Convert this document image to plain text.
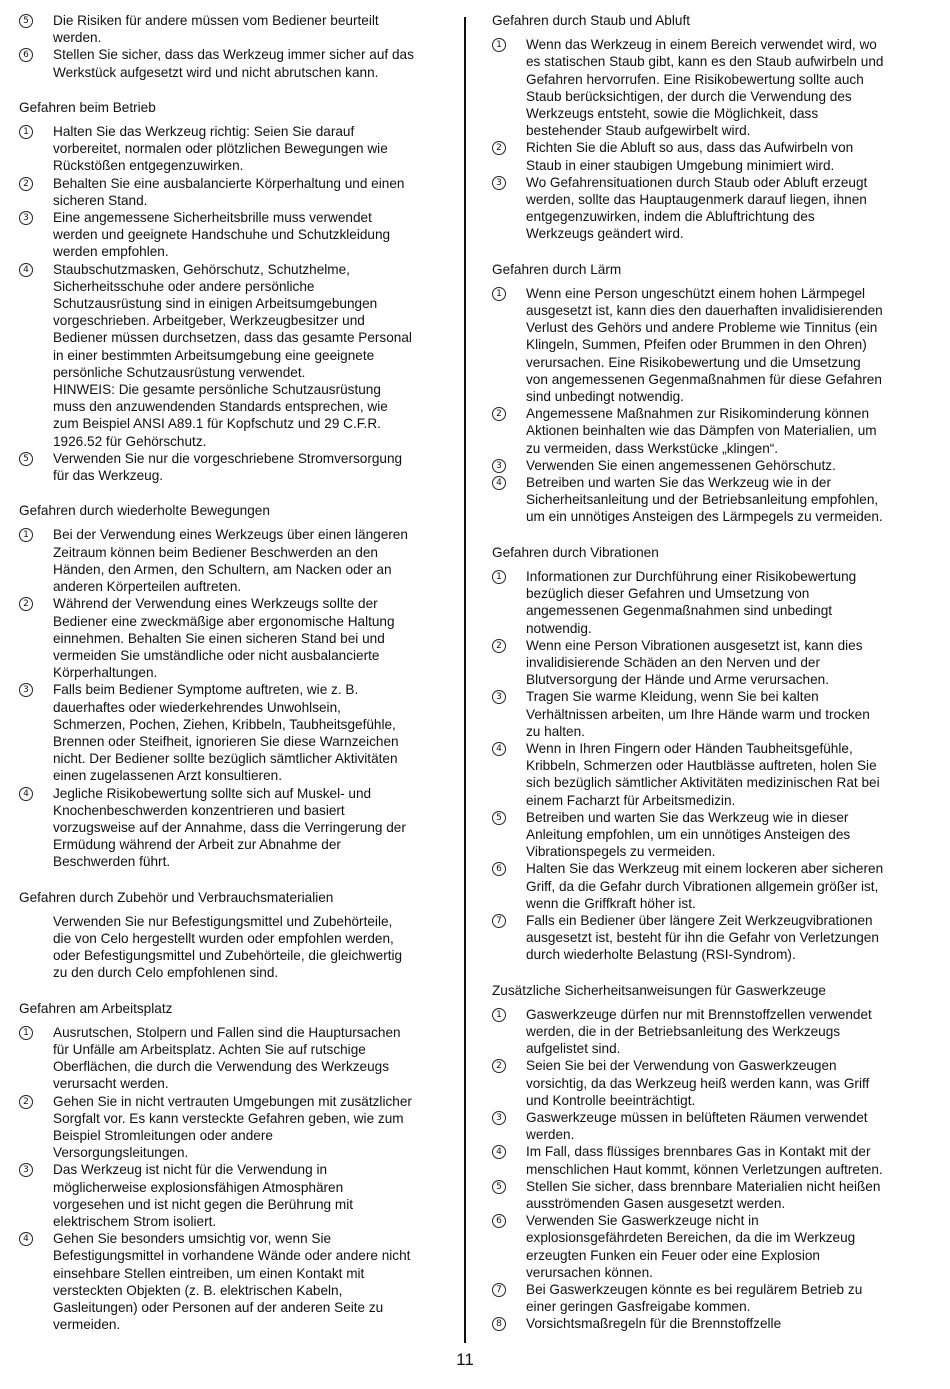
5	Die Risiken für andere müssen vom Bediener beurteilt
werden.
6	Stellen Sie sicher, dass das Werkzeug immer sicher auf das
Werkstück aufgesetzt wird und nicht abrutschen kann.
Gefahren beim Betrieb
1	Halten Sie das Werkzeug richtig: Seien Sie darauf
vorbereitet, normalen oder plötzlichen Bewegungen wie
Rückstößen entgegenzuwirken.
2	Behalten Sie eine ausbalancierte Körperhaltung und einen
sicheren Stand.
3	Eine angemessene Sicherheitsbrille muss verwendet
werden und geeignete Handschuhe und Schutzkleidung
werden empfohlen.
4	Staubschutzmasken, Gehörschutz, Schutzhelme,
Sicherheitsschuhe oder andere persönliche
Schutzausrüstung sind in einigen Arbeitsumgebungen
vorgeschrieben. Arbeitgeber, Werkzeugbesitzer und
Bediener müssen durchsetzen, dass das gesamte Personal
in einer bestimmten Arbeitsumgebung eine geeignete
persönliche Schutzausrüstung verwendet.
HINWEIS: Die gesamte persönliche Schutzausrüstung
muss den anzuwendenden Standards entsprechen, wie
zum Beispiel ANSI A89.1 für Kopfschutz und 29 C.F.R.
1926.52 für Gehörschutz.
5	Verwenden Sie nur die vorgeschriebene Stromversorgung
für das Werkzeug.
Gefahren durch wiederholte Bewegungen
1	Bei der Verwendung eines Werkzeugs über einen längeren
Zeitraum können beim Bediener Beschwerden an den
Händen, den Armen, den Schultern, am Nacken oder an
anderen Körperteilen auftreten.
2	Während der Verwendung eines Werkzeugs sollte der
Bediener eine zweckmäßige aber ergonomische Haltung
einnehmen. Behalten Sie einen sicheren Stand bei und
vermeiden Sie umständliche oder nicht ausbalancierte
Körperhaltungen.
3	Falls beim Bediener Symptome auftreten, wie z. B.
dauerhaftes oder wiederkehrendes Unwohlsein,
Schmerzen, Pochen, Ziehen, Kribbeln, Taubheitsgefühle,
Brennen oder Steifheit, ignorieren Sie diese Warnzeichen
nicht. Der Bediener sollte bezüglich sämtlicher Aktivitäten
einen zugelassenen Arzt konsultieren.
4	Jegliche Risikobewertung sollte sich auf Muskel- und
Knochenbeschwerden konzentrieren und basiert
vorzugsweise auf der Annahme, dass die Verringerung der
Ermüdung während der Arbeit zur Abnahme der
Beschwerden führt.
Gefahren durch Zubehör und Verbrauchsmaterialien
Verwenden Sie nur Befestigungsmittel und Zubehörteile,
die von Celo hergestellt wurden oder empfohlen werden,
oder Befestigungsmittel und Zubehörteile, die gleichwertig
zu den durch Celo empfohlenen sind.
Gefahren am Arbeitsplatz
1	Ausrutschen, Stolpern und Fallen sind die Hauptursachen
für Unfälle am Arbeitsplatz. Achten Sie auf rutschige
Oberflächen, die durch die Verwendung des Werkzeugs
verursacht werden.
2	Gehen Sie in nicht vertrauten Umgebungen mit zusätzlicher
Sorgfalt vor. Es kann versteckte Gefahren geben, wie zum
Beispiel Stromleitungen oder andere
Versorgungsleitungen.
3	Das Werkzeug ist nicht für die Verwendung in
möglicherweise explosionsfähigen Atmosphären
vorgesehen und ist nicht gegen die Berührung mit
elektrischem Strom isoliert.
4	Gehen Sie besonders umsichtig vor, wenn Sie
Befestigungsmittel in vorhandene Wände oder andere nicht
einsehbare Stellen eintreiben, um einen Kontakt mit
versteckten Objekten (z. B. elektrischen Kabeln,
Gasleitungen) oder Personen auf der anderen Seite zu
vermeiden.
Gefahren durch Staub und Abluft
1	Wenn das Werkzeug in einem Bereich verwendet wird, wo
es statischen Staub gibt, kann es den Staub aufwirbeln und
Gefahren hervorrufen. Eine Risikobewertung sollte auch
Staub berücksichtigen, der durch die Verwendung des
Werkzeugs entsteht, sowie die Möglichkeit, dass
bestehender Staub aufgewirbelt wird.
2	Richten Sie die Abluft so aus, dass das Aufwirbeln von
Staub in einer staubigen Umgebung minimiert wird.
3	Wo Gefahrensituationen durch Staub oder Abluft erzeugt
werden, sollte das Hauptaugenmerk darauf liegen, ihnen
entgegenzuwirken, indem die Abluftrichtung des
Werkzeugs geändert wird.
Gefahren durch Lärm
1	Wenn eine Person ungeschützt einem hohen Lärmpegel
ausgesetzt ist, kann dies den dauerhaften invalidisierenden
Verlust des Gehörs und andere Probleme wie Tinnitus (ein
Klingeln, Summen, Pfeifen oder Brummen in den Ohren)
verursachen. Eine Risikobewertung und die Umsetzung
von angemessenen Gegenmaßnahmen für diese Gefahren
sind unbedingt notwendig.
2	Angemessene Maßnahmen zur Risikominderung können
Aktionen beinhalten wie das Dämpfen von Materialien, um
zu vermeiden, dass Werkstücke „klingen“.
3	Verwenden Sie einen angemessenen Gehörschutz.
4	Betreiben und warten Sie das Werkzeug wie in der
Sicherheitsanleitung und der Betriebsanleitung empfohlen,
um ein unnötiges Ansteigen des Lärmpegels zu vermeiden.
Gefahren durch Vibrationen
1	Informationen zur Durchführung einer Risikobewertung
bezüglich dieser Gefahren und Umsetzung von
angemessenen Gegenmaßnahmen sind unbedingt
notwendig.
2	Wenn eine Person Vibrationen ausgesetzt ist, kann dies
invalidisierende Schäden an den Nerven und der
Blutversorgung der Hände und Arme verursachen.
3	Tragen Sie warme Kleidung, wenn Sie bei kalten
Verhältnissen arbeiten, um Ihre Hände warm und trocken
zu halten.
4	Wenn in Ihren Fingern oder Händen Taubheitsgefühle,
Kribbeln, Schmerzen oder Hautblässe auftreten, holen Sie
sich bezüglich sämtlicher Aktivitäten medizinischen Rat bei
einem Facharzt für Arbeitsmedizin.
5	Betreiben und warten Sie das Werkzeug wie in dieser
Anleitung empfohlen, um ein unnötiges Ansteigen des
Vibrationspegels zu vermeiden.
6	Halten Sie das Werkzeug mit einem lockeren aber sicheren
Griff, da die Gefahr durch Vibrationen allgemein größer ist,
wenn die Griffkraft höher ist.
7	Falls ein Bediener über längere Zeit Werkzeugvibrationen
ausgesetzt ist, besteht für ihn die Gefahr von Verletzungen
durch wiederholte Belastung (RSI-Syndrom).
Zusätzliche Sicherheitsanweisungen für Gaswerkzeuge
1	Gaswerkzeuge dürfen nur mit Brennstoffzellen verwendet
werden, die in der Betriebsanleitung des Werkzeugs
aufgelistet sind.
2	Seien Sie bei der Verwendung von Gaswerkzeugen
vorsichtig, da das Werkzeug heiß werden kann, was Griff
und Kontrolle beeinträchtigt.
3	Gaswerkzeuge müssen in belüfteten Räumen verwendet
werden.
4	Im Fall, dass flüssiges brennbares Gas in Kontakt mit der
menschlichen Haut kommt, können Verletzungen auftreten.
5	Stellen Sie sicher, dass brennbare Materialien nicht heißen
ausströmenden Gasen ausgesetzt werden.
6	Verwenden Sie Gaswerkzeuge nicht in
explosionsgefährdeten Bereichen, da die im Werkzeug
erzeugten Funken ein Feuer oder eine Explosion
verursachen können.
7	Bei Gaswerkzeugen könnte es bei regulärem Betrieb zu
einer geringen Gasfreigabe kommen.
8	Vorsichtsmaßregeln für die Brennstoffzelle
11
